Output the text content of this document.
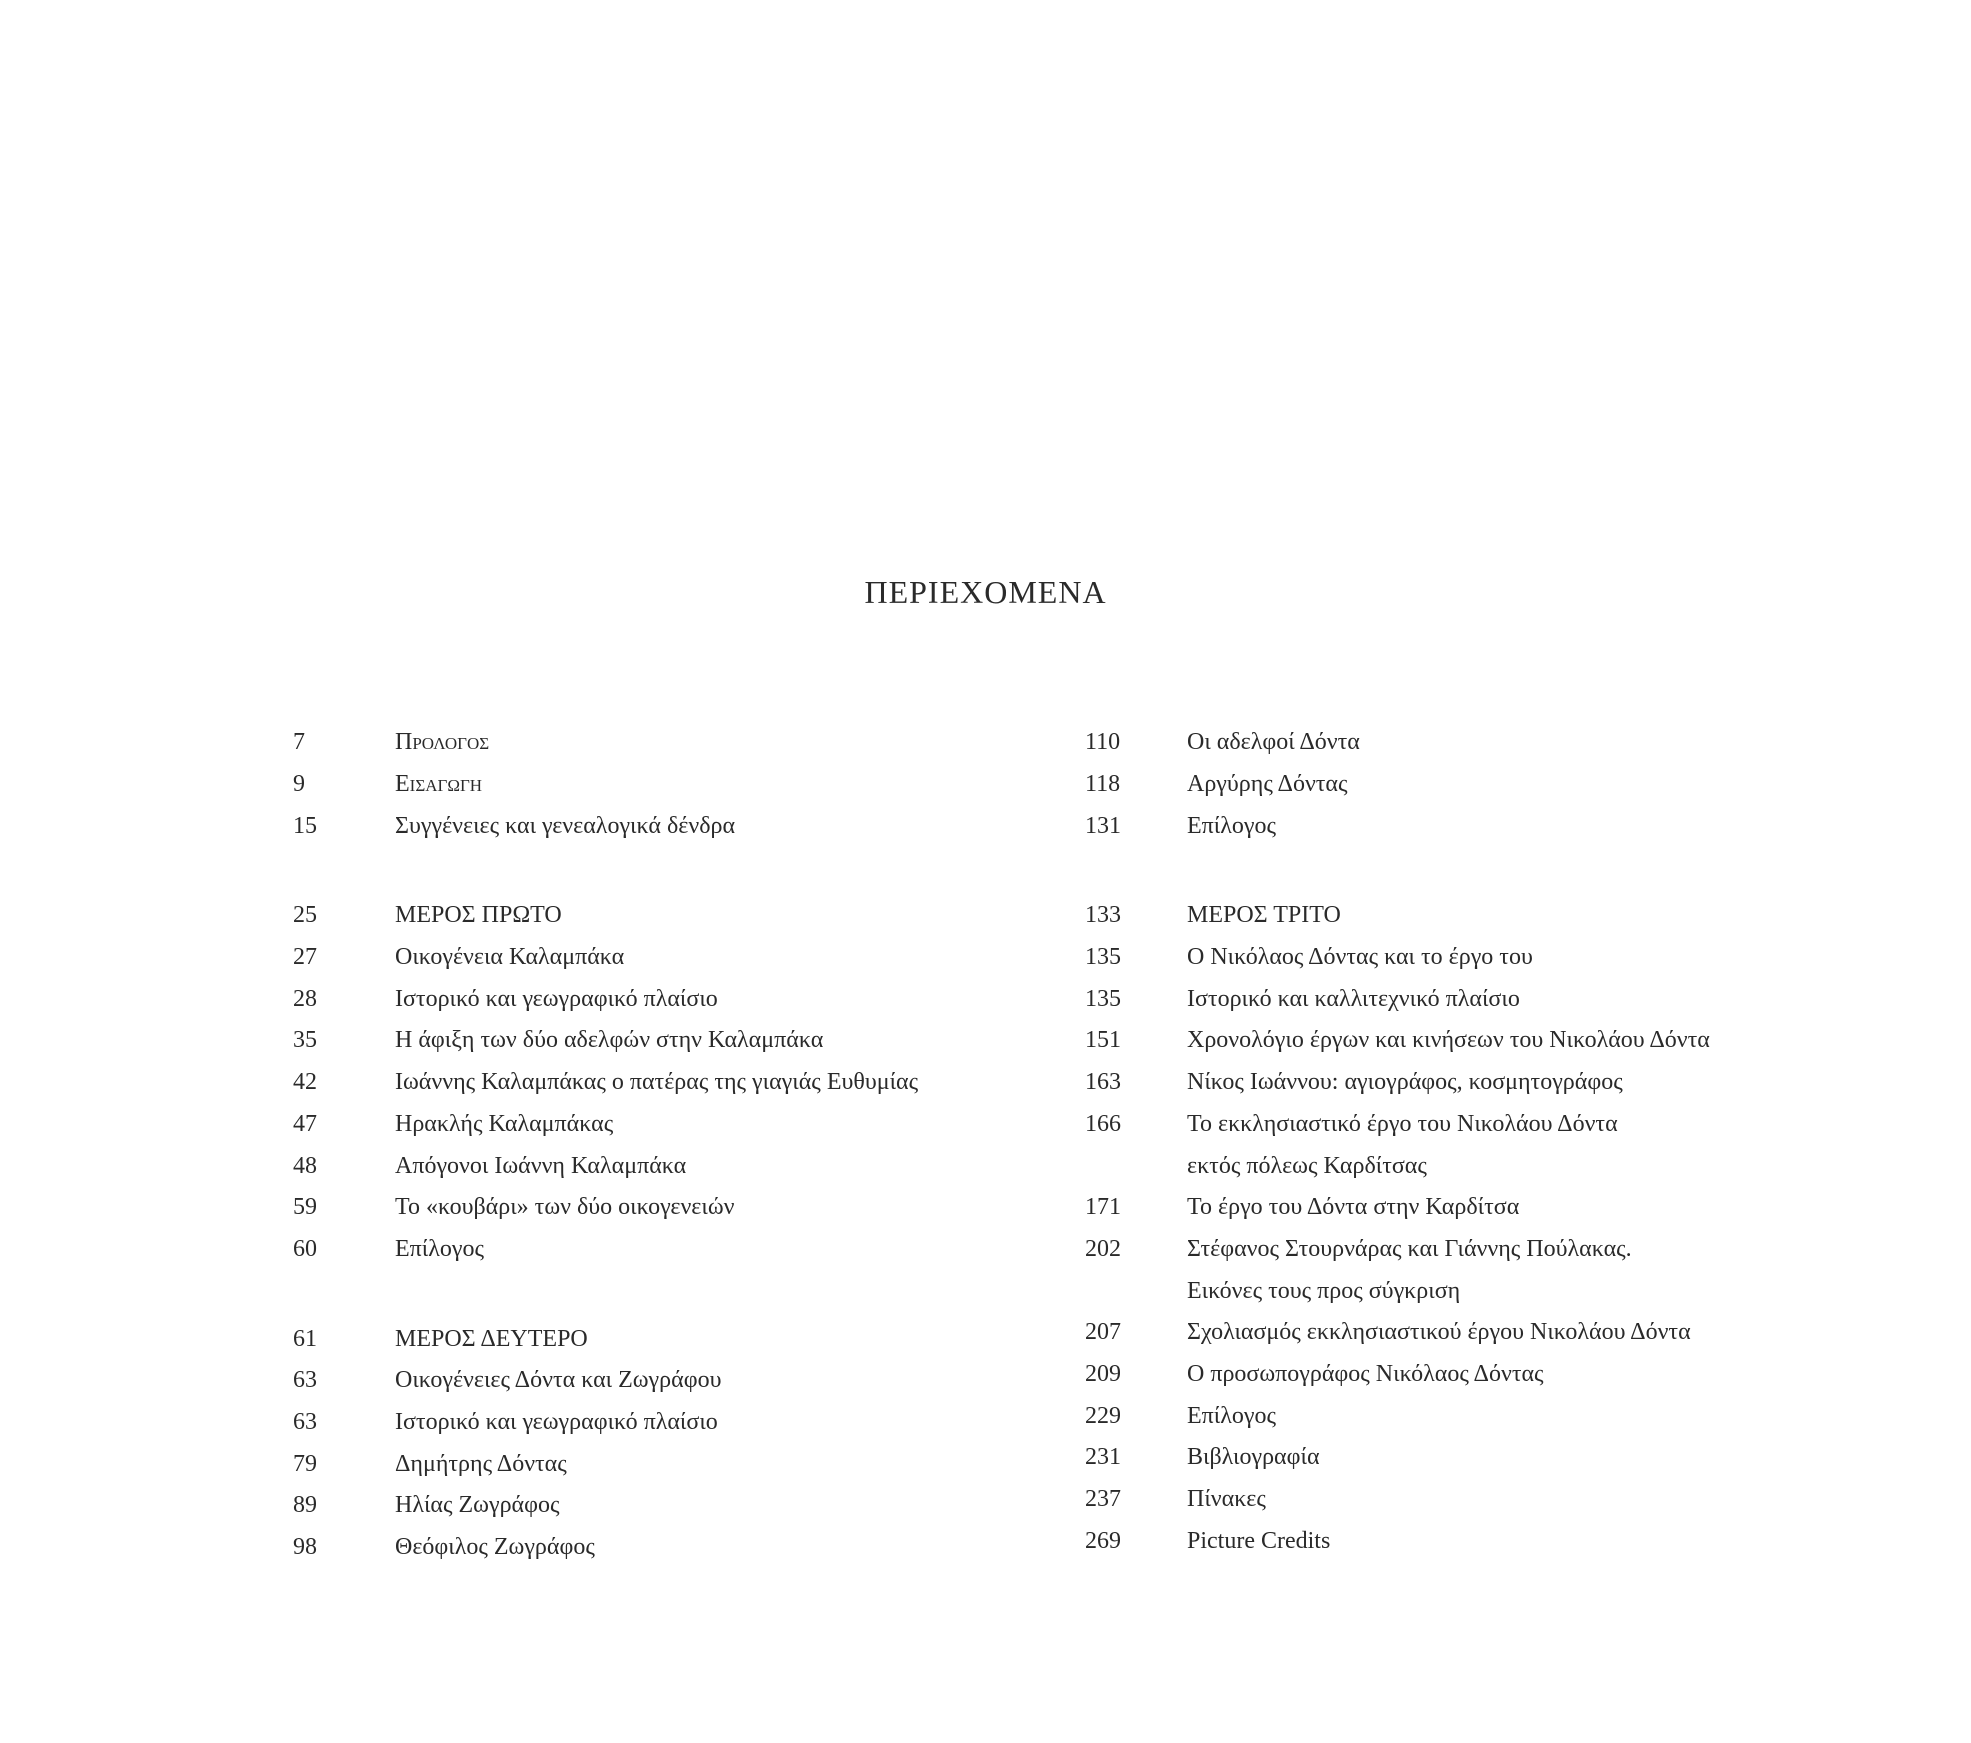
ΠΕΡΙΕΧΟΜΕΝΑ
7	Προλογος
9	Εισαγωγη
15	Συγγένειες και γενεαλογικά δένδρα
25	ΜΕΡΟΣ ΠΡΩΤΟ
27	Οικογένεια Καλαμπάκα
28	Ιστορικό και γεωγραφικό πλαίσιο
35	Η άφιξη των δύο αδελφών στην Καλαμπάκα
42	Ιωάννης Καλαμπάκας ο πατέρας της γιαγιάς Ευθυμίας
47	Ηρακλής Καλαμπάκας
48	Απόγονοι Ιωάννη Καλαμπάκα
59	Το «κουβάρι» των δύο οικογενειών
60	Επίλογος
61	ΜΕΡΟΣ ΔΕΥΤΕΡΟ
63	Οικογένειες Δόντα και Ζωγράφου
63	Ιστορικό και γεωγραφικό πλαίσιο
79	Δημήτρης Δόντας
89	Ηλίας Ζωγράφος
98	Θεόφιλος Ζωγράφος
110	Οι αδελφοί Δόντα
118	Αργύρης Δόντας
131	Επίλογος
133	ΜΕΡΟΣ ΤΡΙΤΟ
135	Ο Νικόλαος Δόντας και το έργο του
135	Ιστορικό και καλλιτεχνικό πλαίσιο
151	Χρονολόγιο έργων και κινήσεων του Νικολάου Δόντα
163	Νίκος Ιωάννου: αγιογράφος, κοσμητογράφος
166	Το εκκλησιαστικό έργο του Νικολάου Δόντα
εκτός πόλεως Καρδίτσας
171	Το έργο του Δόντα στην Καρδίτσα
202	Στέφανος Στουρνάρας και Γιάννης Πούλακας.
Εικόνες τους προς σύγκριση
207	Σχολιασμός εκκλησιαστικού έργου Νικολάου Δόντα
209	Ο προσωπογράφος Νικόλαος Δόντας
229	Επίλογος
231	Βιβλιογραφία
237	Πίνακες
269	Picture Credits
